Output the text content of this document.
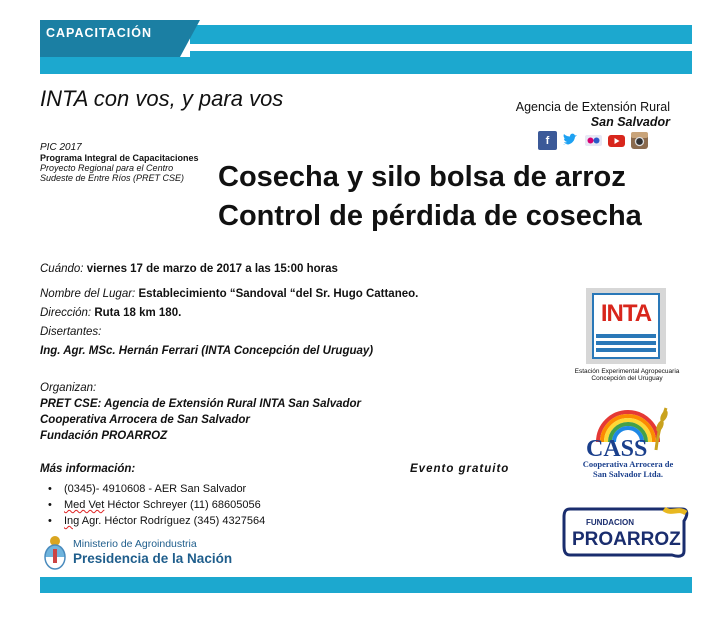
CAPACITACIÓN
INTA con vos, y para vos	Agencia de Extensión Rural
San Salvador
f
PIC 2017
Programa Integral de Capacitaciones
Proyecto Regional para el Centro
Sudeste de Entre Ríos (PRET CSE)	Cosecha y silo bolsa de arroz
Control de pérdida de cosecha
Cuándo: viernes 17 de marzo de 2017 a las 15:00 horas
Nombre del Lugar: Establecimiento “Sandoval “del Sr. Hugo Cattaneo.
Dirección: Ruta 18 km 180.
Disertantes:
Ing. Agr. MSc. Hernán Ferrari (INTA Concepción del Uruguay)
Organizan:
PRET CSE: Agencia de Extensión Rural INTA San Salvador
Cooperativa Arrocera de San Salvador
Fundación PROARROZ
Más información:
• (0345)- 4910608 - AER San Salvador
• Med Vet Héctor Schreyer (11) 68605056
• Ing Agr. Héctor Rodríguez (345) 4327564
Evento gratuito
INTA
Estación Experimental Agropecuaria
Concepción del Uruguay
CASS
Cooperativa Arrocera de
San Salvador Ltda.
FUNDACION
PROARROZ
Ministerio de Agroindustria
Presidencia de la Nación
